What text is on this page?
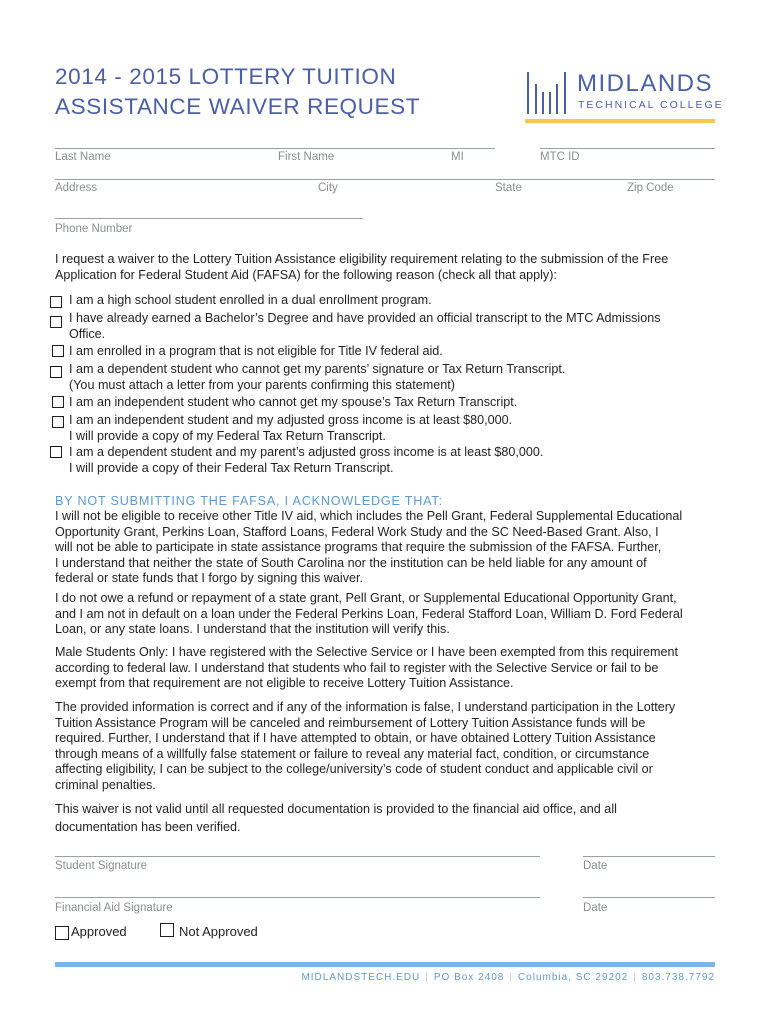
2014 - 2015 LOTTERY TUITION
ASSISTANCE WAIVER REQUEST
MIDLANDS
TECHNICAL COLLEGE
Last Name	First Name	MI	MTC ID
Address	City	State	Zip Code
Phone Number

I request a waiver to the Lottery Tuition Assistance eligibility requirement relating to the submission of the Free
Application for Federal Student Aid (FAFSA) for the following reason (check all that apply):

I am a high school student enrolled in a dual enrollment program.

I have already earned a Bachelor’s Degree and have provided an official transcript to the MTC Admissions
Office.

I am enrolled in a program that is not eligible for Title IV federal aid.

I am a dependent student who cannot get my parents’ signature or Tax Return Transcript.
(You must attach a letter from your parents confirming this statement)

I am an independent student who cannot get my spouse’s Tax Return Transcript.

I am an independent student and my adjusted gross income is at least $80,000.
I will provide a copy of my Federal Tax Return Transcript.

I am a dependent student and my parent’s adjusted gross income is at least $80,000.
I will provide a copy of their Federal Tax Return Transcript.

BY NOT SUBMITTING THE FAFSA, I ACKNOWLEDGE THAT:

I will not be eligible to receive other Title IV aid, which includes the Pell Grant, Federal Supplemental Educational
Opportunity Grant, Perkins Loan, Stafford Loans, Federal Work Study and the SC Need-Based Grant. Also, I
will not be able to participate in state assistance programs that require the submission of the FAFSA. Further,
I understand that neither the state of South Carolina nor the institution can be held liable for any amount of
federal or state funds that I forgo by signing this waiver.

I do not owe a refund or repayment of a state grant, Pell Grant, or Supplemental Educational Opportunity Grant,
and I am not in default on a loan under the Federal Perkins Loan, Federal Stafford Loan, William D. Ford Federal
Loan, or any state loans. I understand that the institution will verify this.

Male Students Only: I have registered with the Selective Service or I have been exempted from this requirement
according to federal law. I understand that students who fail to register with the Selective Service or fail to be
exempt from that requirement are not eligible to receive Lottery Tuition Assistance.

The provided information is correct and if any of the information is false, I understand participation in the Lottery
Tuition Assistance Program will be canceled and reimbursement of Lottery Tuition Assistance funds will be
required. Further, I understand that if I have attempted to obtain, or have obtained Lottery Tuition Assistance
through means of a willfully false statement or failure to reveal any material fact, condition, or circumstance
affecting eligibility, I can be subject to the college/university’s code of student conduct and applicable civil or
criminal penalties.

This waiver is not valid until all requested documentation is provided to the financial aid office, and all
documentation has been verified.

Student Signature	Date
Financial Aid Signature	Date
Approved	Not Approved
MIDLANDSTECH.EDU | PO Box 2408 | Columbia, SC 29202 | 803.738.7792
